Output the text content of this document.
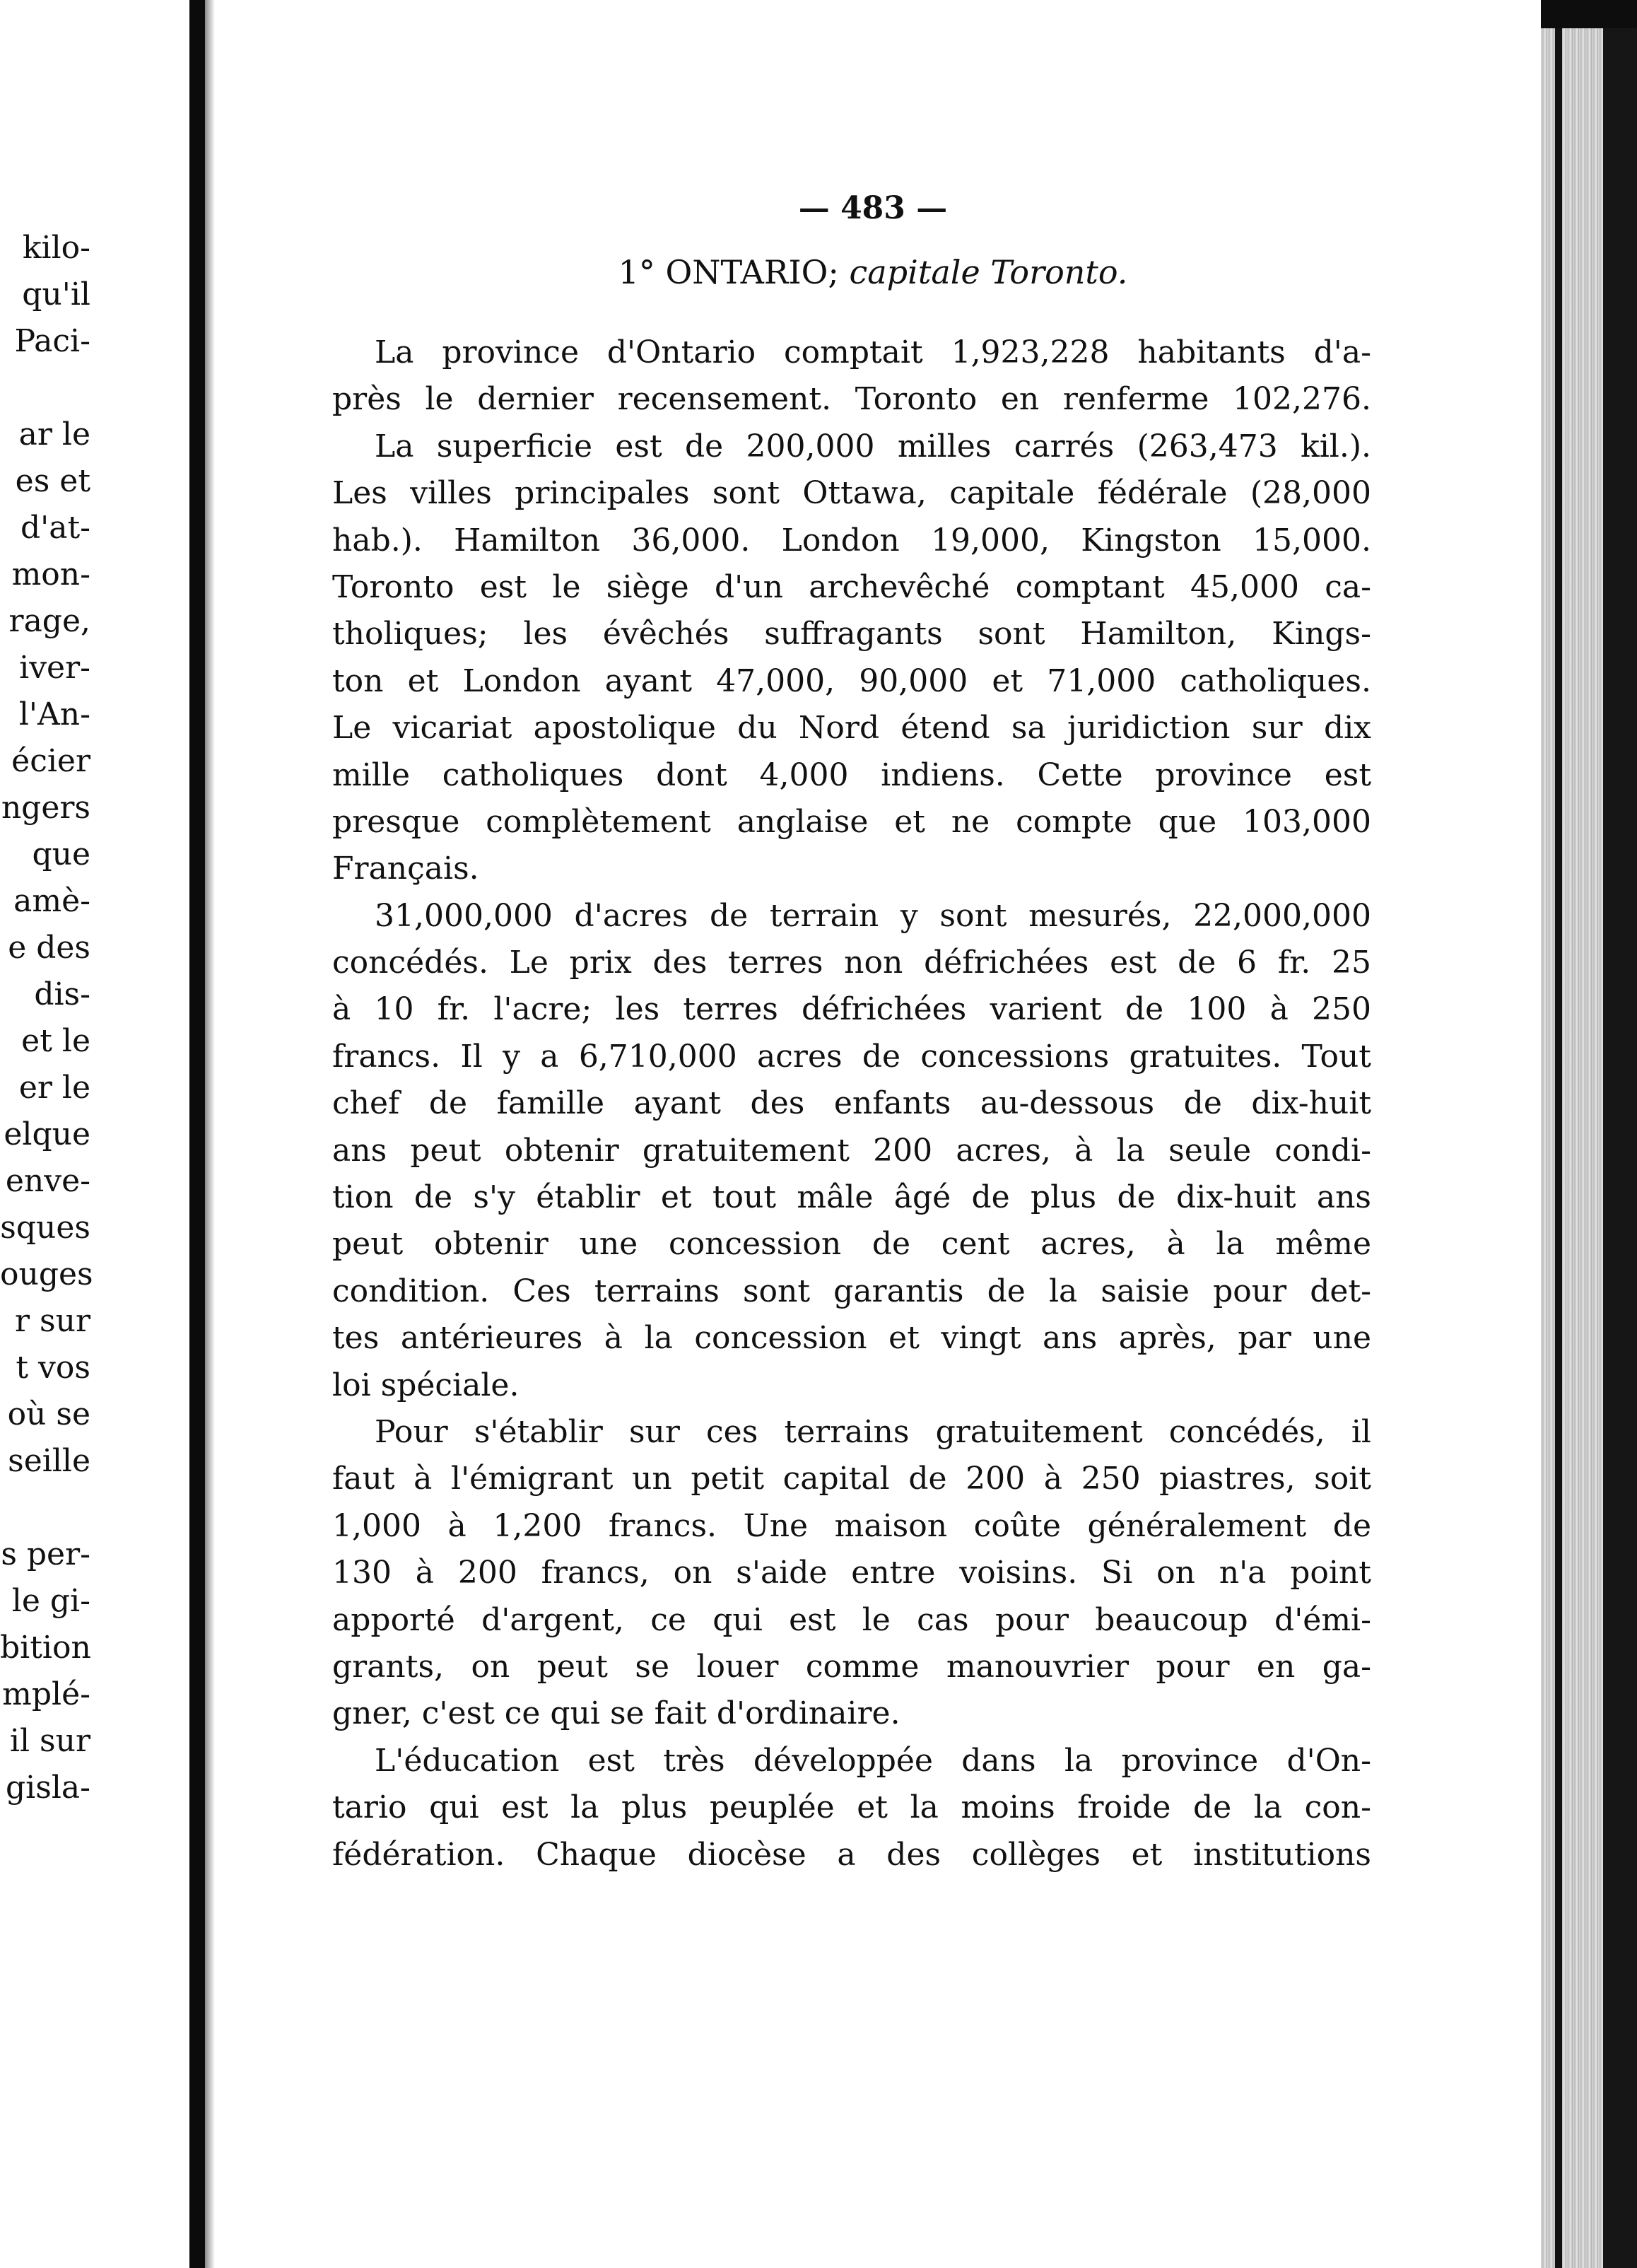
kilo-
qu'il
Paci-
ar le
es et
d'at-
mon-
rage,
iver-
l'An-
écier
ngers
que
amè-
e des
dis-
et le
er le
elque
enve-
sques
ouges
r sur
t vos
où se
seille
s per-
le gi-
bition
mplé-
il sur
gisla-
— 483 —
1° ONTARIO; capitale Toronto.
La province d'Ontario comptait 1,923,228 habitants d'a-
près le dernier recensement. Toronto en renferme 102,276.
La superficie est de 200,000 milles carrés (263,473 kil.).
Les villes principales sont Ottawa, capitale fédérale (28,000
hab.). Hamilton 36,000. London 19,000, Kingston 15,000.
Toronto est le siège d'un archevêché comptant 45,000 ca-
tholiques; les évêchés suffragants sont Hamilton, Kings-
ton et London ayant 47,000, 90,000 et 71,000 catholiques.
Le vicariat apostolique du Nord étend sa juridiction sur dix
mille catholiques dont 4,000 indiens. Cette province est
presque complètement anglaise et ne compte que 103,000
Français.
31,000,000 d'acres de terrain y sont mesurés, 22,000,000
concédés. Le prix des terres non défrichées est de 6 fr. 25
à 10 fr. l'acre; les terres défrichées varient de 100 à 250
francs. Il y a 6,710,000 acres de concessions gratuites. Tout
chef de famille ayant des enfants au-dessous de dix-huit
ans peut obtenir gratuitement 200 acres, à la seule condi-
tion de s'y établir et tout mâle âgé de plus de dix-huit ans
peut obtenir une concession de cent acres, à la même
condition. Ces terrains sont garantis de la saisie pour det-
tes antérieures à la concession et vingt ans après, par une
loi spéciale.
Pour s'établir sur ces terrains gratuitement concédés, il
faut à l'émigrant un petit capital de 200 à 250 piastres, soit
1,000 à 1,200 francs. Une maison coûte généralement de
130 à 200 francs, on s'aide entre voisins. Si on n'a point
apporté d'argent, ce qui est le cas pour beaucoup d'émi-
grants, on peut se louer comme manouvrier pour en ga-
gner, c'est ce qui se fait d'ordinaire.
L'éducation est très développée dans la province d'On-
tario qui est la plus peuplée et la moins froide de la con-
fédération. Chaque diocèse a des collèges et institutions
